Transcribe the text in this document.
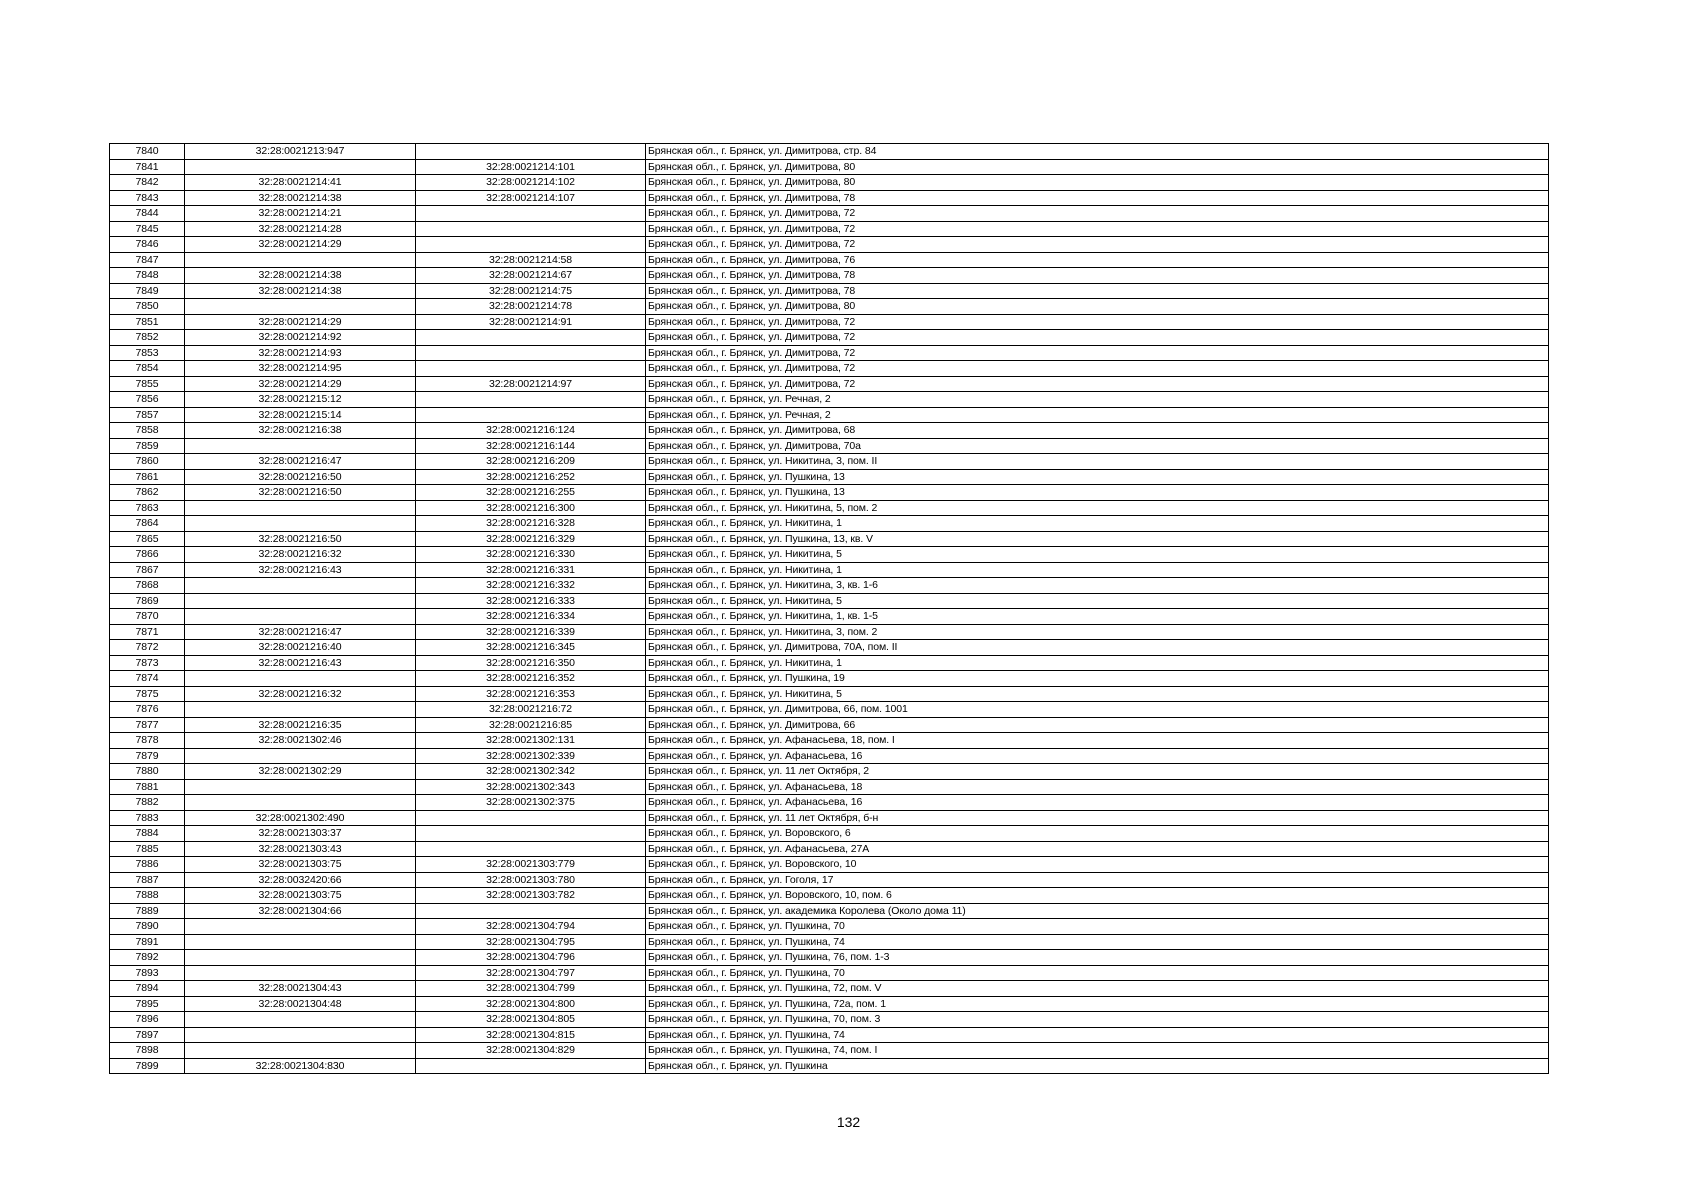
7840	32:28:0021213:947		Брянская обл., г. Брянск, ул. Димитрова, стр. 84
7841		32:28:0021214:101	Брянская обл., г. Брянск, ул. Димитрова, 80
7842	32:28:0021214:41	32:28:0021214:102	Брянская обл., г. Брянск, ул. Димитрова, 80
7843	32:28:0021214:38	32:28:0021214:107	Брянская обл., г. Брянск, ул. Димитрова, 78
7844	32:28:0021214:21		Брянская обл., г. Брянск, ул. Димитрова, 72
7845	32:28:0021214:28		Брянская обл., г. Брянск, ул. Димитрова, 72
7846	32:28:0021214:29		Брянская обл., г. Брянск, ул. Димитрова, 72
7847		32:28:0021214:58	Брянская обл., г. Брянск, ул. Димитрова, 76
7848	32:28:0021214:38	32:28:0021214:67	Брянская обл., г. Брянск, ул. Димитрова, 78
7849	32:28:0021214:38	32:28:0021214:75	Брянская обл., г. Брянск, ул. Димитрова, 78
7850		32:28:0021214:78	Брянская обл., г. Брянск, ул. Димитрова, 80
7851	32:28:0021214:29	32:28:0021214:91	Брянская обл., г. Брянск, ул. Димитрова, 72
7852	32:28:0021214:92		Брянская обл., г. Брянск, ул. Димитрова, 72
7853	32:28:0021214:93		Брянская обл., г. Брянск, ул. Димитрова, 72
7854	32:28:0021214:95		Брянская обл., г. Брянск, ул. Димитрова, 72
7855	32:28:0021214:29	32:28:0021214:97	Брянская обл., г. Брянск, ул. Димитрова, 72
7856	32:28:0021215:12		Брянская обл., г. Брянск, ул. Речная, 2
7857	32:28:0021215:14		Брянская обл., г. Брянск, ул. Речная, 2
7858	32:28:0021216:38	32:28:0021216:124	Брянская обл., г. Брянск, ул. Димитрова, 68
7859		32:28:0021216:144	Брянская обл., г. Брянск, ул. Димитрова, 70а
7860	32:28:0021216:47	32:28:0021216:209	Брянская обл., г. Брянск, ул. Никитина, 3, пом. II
7861	32:28:0021216:50	32:28:0021216:252	Брянская обл., г. Брянск, ул. Пушкина, 13
7862	32:28:0021216:50	32:28:0021216:255	Брянская обл., г. Брянск, ул. Пушкина, 13
7863		32:28:0021216:300	Брянская обл., г. Брянск, ул. Никитина, 5, пом. 2
7864		32:28:0021216:328	Брянская обл., г. Брянск, ул. Никитина, 1
7865	32:28:0021216:50	32:28:0021216:329	Брянская обл., г. Брянск, ул. Пушкина, 13, кв. V
7866	32:28:0021216:32	32:28:0021216:330	Брянская обл., г. Брянск, ул. Никитина, 5
7867	32:28:0021216:43	32:28:0021216:331	Брянская обл., г. Брянск, ул. Никитина, 1
7868		32:28:0021216:332	Брянская обл., г. Брянск, ул. Никитина, 3, кв. 1-6
7869		32:28:0021216:333	Брянская обл., г. Брянск, ул. Никитина, 5
7870		32:28:0021216:334	Брянская обл., г. Брянск, ул. Никитина, 1, кв. 1-5
7871	32:28:0021216:47	32:28:0021216:339	Брянская обл., г. Брянск, ул. Никитина, 3, пом. 2
7872	32:28:0021216:40	32:28:0021216:345	Брянская обл., г. Брянск, ул. Димитрова, 70А, пом. II
7873	32:28:0021216:43	32:28:0021216:350	Брянская обл., г. Брянск, ул. Никитина, 1
7874		32:28:0021216:352	Брянская обл., г. Брянск, ул. Пушкина, 19
7875	32:28:0021216:32	32:28:0021216:353	Брянская обл., г. Брянск, ул. Никитина, 5
7876		32:28:0021216:72	Брянская обл., г. Брянск, ул. Димитрова, 66, пом. 1001
7877	32:28:0021216:35	32:28:0021216:85	Брянская обл., г. Брянск, ул. Димитрова, 66
7878	32:28:0021302:46	32:28:0021302:131	Брянская обл., г. Брянск, ул. Афанасьева, 18, пом. I
7879		32:28:0021302:339	Брянская обл., г. Брянск, ул. Афанасьева, 16
7880	32:28:0021302:29	32:28:0021302:342	Брянская обл., г. Брянск, ул. 11 лет Октября, 2
7881		32:28:0021302:343	Брянская обл., г. Брянск, ул. Афанасьева, 18
7882		32:28:0021302:375	Брянская обл., г. Брянск, ул. Афанасьева, 16
7883	32:28:0021302:490		Брянская обл., г. Брянск, ул. 11 лет Октября, б-н
7884	32:28:0021303:37		Брянская обл., г. Брянск, ул. Воровского, 6
7885	32:28:0021303:43		Брянская обл., г. Брянск, ул. Афанасьева, 27А
7886	32:28:0021303:75	32:28:0021303:779	Брянская обл., г. Брянск, ул. Воровского, 10
7887	32:28:0032420:66	32:28:0021303:780	Брянская обл., г. Брянск, ул. Гоголя, 17
7888	32:28:0021303:75	32:28:0021303:782	Брянская обл., г. Брянск, ул. Воровского, 10, пом. 6
7889	32:28:0021304:66		Брянская обл., г. Брянск, ул. академика Королева (Около дома 11)
7890		32:28:0021304:794	Брянская обл., г. Брянск, ул. Пушкина, 70
7891		32:28:0021304:795	Брянская обл., г. Брянск, ул. Пушкина, 74
7892		32:28:0021304:796	Брянская обл., г. Брянск, ул. Пушкина, 76, пом. 1-3
7893		32:28:0021304:797	Брянская обл., г. Брянск, ул. Пушкина, 70
7894	32:28:0021304:43	32:28:0021304:799	Брянская обл., г. Брянск, ул. Пушкина, 72, пом. V
7895	32:28:0021304:48	32:28:0021304:800	Брянская обл., г. Брянск, ул. Пушкина, 72а, пом. 1
7896		32:28:0021304:805	Брянская обл., г. Брянск, ул. Пушкина, 70, пом. 3
7897		32:28:0021304:815	Брянская обл., г. Брянск, ул. Пушкина, 74
7898		32:28:0021304:829	Брянская обл., г. Брянск, ул. Пушкина, 74, пом. I
7899	32:28:0021304:830		Брянская обл., г. Брянск, ул. Пушкина
132
